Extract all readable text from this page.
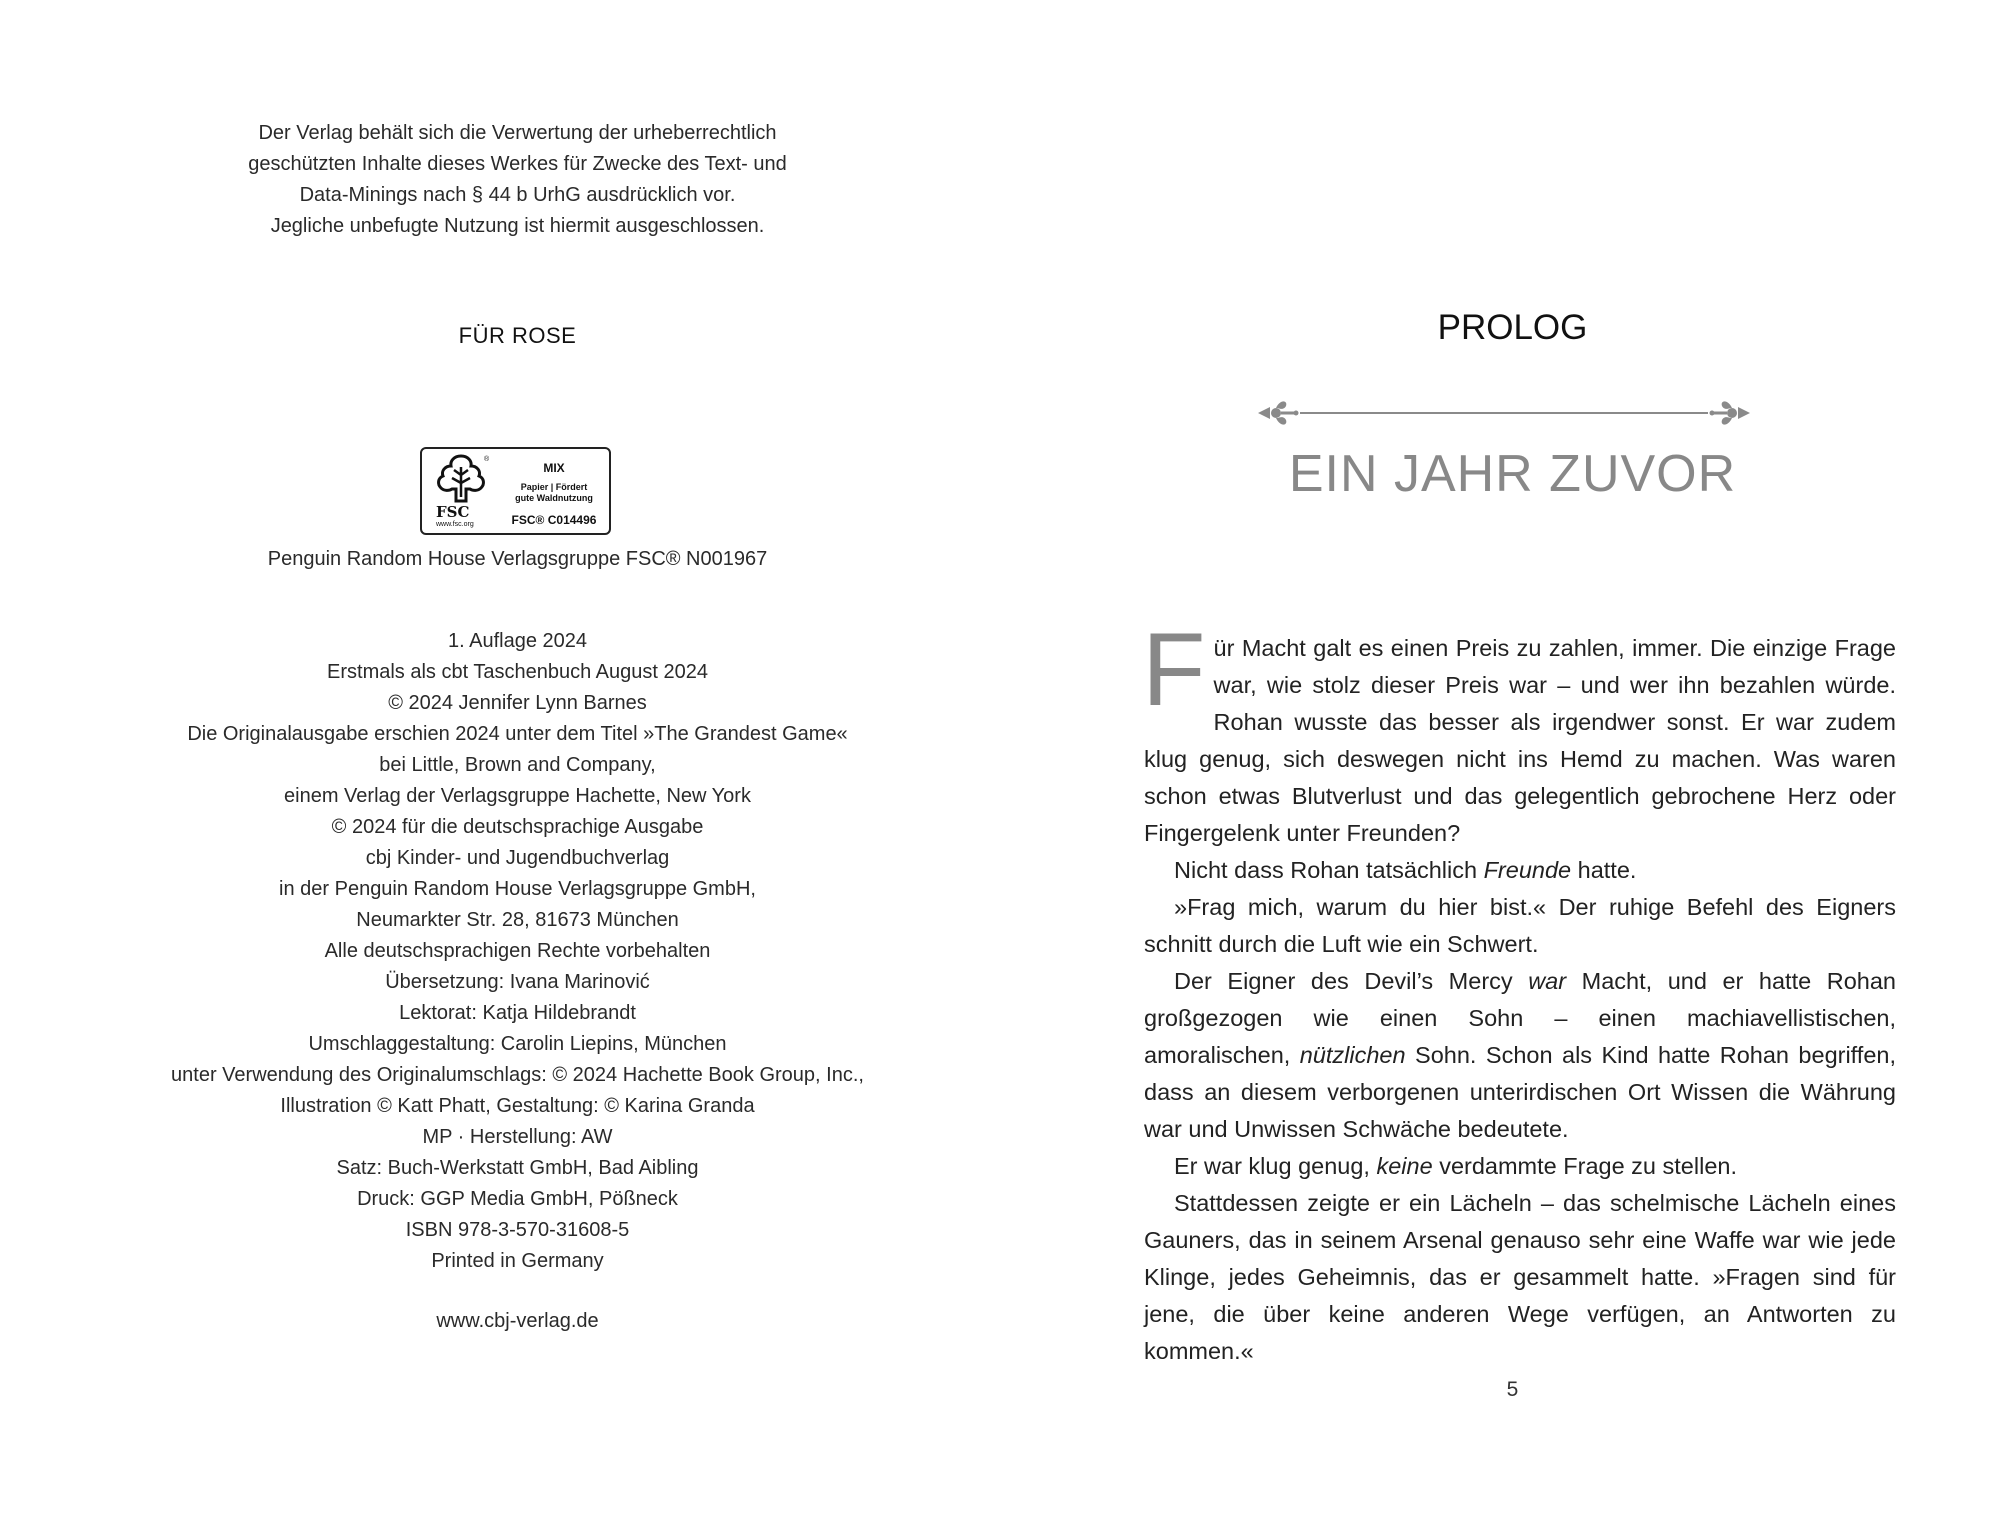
Der Verlag behält sich die Verwertung der urheberrechtlich
geschützten Inhalte dieses Werkes für Zwecke des Text- und
Data-Minings nach § 44 b UrhG ausdrücklich vor.
Jegliche unbefugte Nutzung ist hiermit ausgeschlossen.
FÜR ROSE
®
FSC
www.fsc.org
MIX
Papier | Fördert
gute Waldnutzung
FSC® C014496
Penguin Random House Verlagsgruppe FSC® N001967
1. Auflage 2024
Erstmals als cbt Taschenbuch August 2024
© 2024 Jennifer Lynn Barnes
Die Originalausgabe erschien 2024 unter dem Titel »The Grandest Game«
bei Little, Brown and Company,
einem Verlag der Verlagsgruppe Hachette, New York
© 2024 für die deutschsprachige Ausgabe
cbj Kinder- und Jugendbuchverlag
in der Penguin Random House Verlagsgruppe GmbH,
Neumarkter Str. 28, 81673 München
Alle deutschsprachigen Rechte vorbehalten
Übersetzung: Ivana Marinović
Lektorat: Katja Hildebrandt
Umschlaggestaltung: Carolin Liepins, München
unter Verwendung des Originalumschlags: © 2024 Hachette Book Group, Inc.,
Illustration © Katt Phatt, Gestaltung: © Karina Granda
MP · Herstellung: AW
Satz: Buch-Werkstatt GmbH, Bad Aibling
Druck: GGP Media GmbH, Pößneck
ISBN 978-3-570-31608-5
Printed in Germany
www.cbj-verlag.de
PROLOG
EIN JAHR ZUVOR

Für Macht galt es einen Preis zu zahlen, immer. Die einzige Frage war, wie stolz dieser Preis war – und wer ihn bezahlen würde. Rohan wusste das besser als irgendwer sonst. Er war zudem klug genug, sich deswegen nicht ins Hemd zu machen. Was waren schon etwas Blutverlust und das gelegentlich gebrochene Herz oder Fingergelenk unter Freunden?

Nicht dass Rohan tatsächlich Freunde hatte.

»Frag mich, warum du hier bist.« Der ruhige Befehl des Eigners schnitt durch die Luft wie ein Schwert.

Der Eigner des Devil’s Mercy war Macht, und er hatte Rohan großgezogen wie einen Sohn – einen machiavellistischen, amoralischen, nützlichen Sohn. Schon als Kind hatte Rohan begriffen, dass an diesem verborgenen unterirdischen Ort Wissen die Währung war und Unwissen Schwäche bedeutete.

Er war klug genug, keine verdammte Frage zu stellen.

Stattdessen zeigte er ein Lächeln – das schelmische Lächeln eines Gauners, das in seinem Arsenal genauso sehr eine Waffe war wie jede Klinge, jedes Geheimnis, das er gesammelt hatte. »Fragen sind für jene, die über keine anderen Wege verfügen, an Antworten zu kommen.«

5
